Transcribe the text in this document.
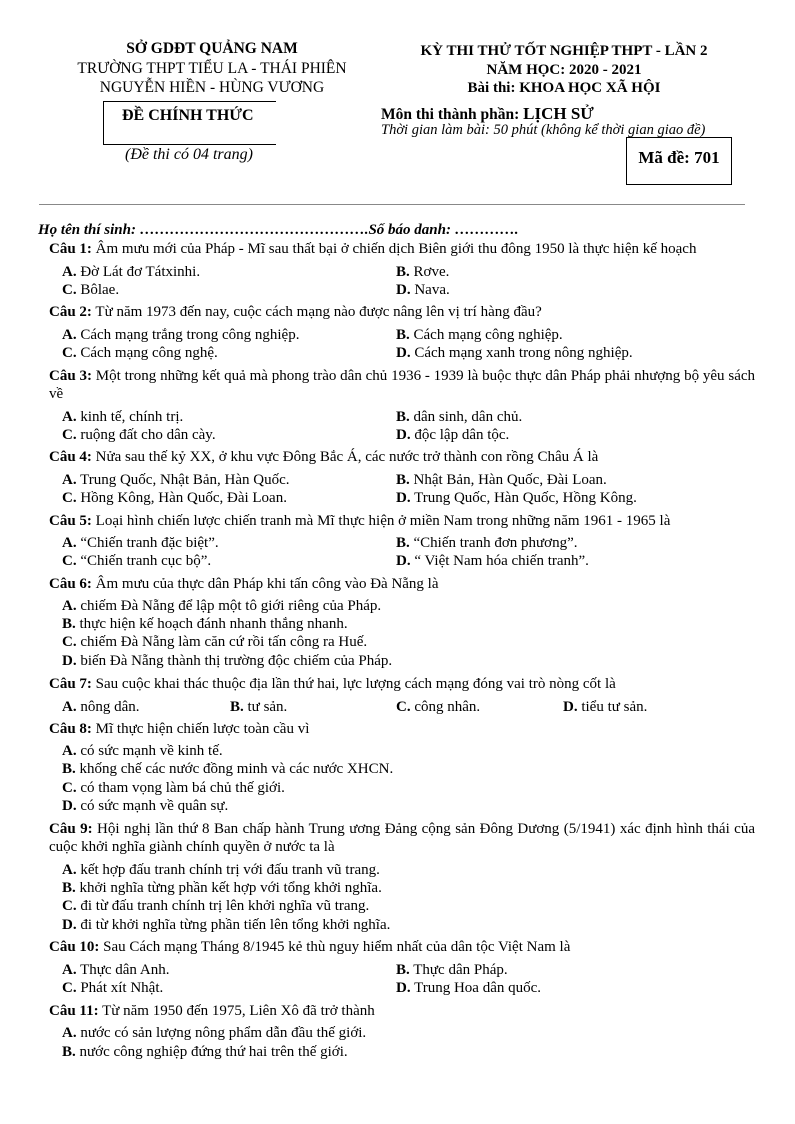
SỞ GDĐT QUẢNG NAM
TRƯỜNG THPT TIỂU LA - THÁI PHIÊN
NGUYỄN HIỀN - HÙNG VƯƠNG
ĐỀ CHÍNH THỨC
(Đề thi có 04 trang)
KỲ THI THỬ TỐT NGHIỆP THPT - LẦN 2
NĂM HỌC: 2020 - 2021
Bài thi: KHOA HỌC XÃ HỘI
Môn thi thành phần: LỊCH SỬ
Thời gian làm bài: 50 phút (không kể thời gian giao đề)
Mã đề: 701
Họ tên thí sinh: ……………………………………….Số báo danh: ………….
Câu 1: Âm mưu mới của Pháp - Mĩ sau thất bại ở chiến dịch Biên giới thu đông 1950 là thực hiện kế hoạch
A. Đờ Lát đơ Tátxinhi.	B. Rơve.
C. Bôlae.	D. Nava.
Câu 2: Từ năm 1973 đến nay, cuộc cách mạng nào được nâng lên vị trí hàng đầu?
A. Cách mạng trắng trong công nghiệp.	B. Cách mạng công nghiệp.
C. Cách mạng công nghệ.	D. Cách mạng xanh trong nông nghiệp.
Câu 3: Một trong những kết quả mà phong trào dân chủ 1936 - 1939 là buộc thực dân Pháp phải nhượng bộ yêu sách về
A. kinh tế, chính trị.	B. dân sinh, dân chủ.
C. ruộng đất cho dân cày.	D. độc lập dân tộc.
Câu 4: Nửa sau thế kỷ XX, ở khu vực Đông Bắc Á, các nước trở thành con rồng Châu Á là
A. Trung Quốc, Nhật Bản, Hàn Quốc.	B. Nhật Bản, Hàn Quốc, Đài Loan.
C. Hồng Kông, Hàn Quốc, Đài Loan.	D. Trung Quốc, Hàn Quốc, Hồng Kông.
Câu 5: Loại hình chiến lược chiến tranh mà Mĩ thực hiện ở miền Nam trong những năm 1961 - 1965 là
A. “Chiến tranh đặc biệt”.	B. “Chiến tranh đơn phương”.
C. “Chiến tranh cục bộ”.	D. “ Việt Nam hóa chiến tranh”.
Câu 6: Âm mưu của thực dân Pháp khi tấn công vào Đà Nẵng là
A. chiếm Đà Nẵng để lập một tô giới riêng của Pháp.
B. thực hiện kế hoạch đánh nhanh thắng nhanh.
C. chiếm Đà Nẵng làm căn cứ rồi tấn công ra Huế.
D. biến Đà Nẵng thành thị trường độc chiếm của Pháp.
Câu 7: Sau cuộc khai thác thuộc địa lần thứ hai, lực lượng cách mạng đóng vai trò nòng cốt là
A. nông dân.	B. tư sản.	C. công nhân.	D. tiểu tư sản.
Câu 8: Mĩ thực hiện chiến lược toàn cầu vì
A. có sức mạnh về kinh tế.
B. khống chế các nước đồng minh và các nước XHCN.
C. có tham vọng làm bá chủ thế giới.
D. có sức mạnh về quân sự.
Câu 9: Hội nghị lần thứ 8 Ban chấp hành Trung ương Đảng cộng sản Đông Dương (5/1941) xác định hình thái của cuộc khởi nghĩa giành chính quyền ở nước ta là
A. kết hợp đấu tranh chính trị với đấu tranh vũ trang.
B. khởi nghĩa từng phần kết hợp với tổng khởi nghĩa.
C. đi từ đấu tranh chính trị lên khởi nghĩa vũ trang.
D. đi từ khởi nghĩa từng phần tiến lên tổng khởi nghĩa.
Câu 10: Sau Cách mạng Tháng 8/1945 kẻ thù nguy hiểm nhất của dân tộc Việt Nam là
A. Thực dân Anh.	B. Thực dân Pháp.
C. Phát xít Nhật.	D. Trung Hoa dân quốc.
Câu 11: Từ năm 1950 đến 1975, Liên Xô đã trở thành
A. nước có sản lượng nông phẩm dẫn đầu thế giới.
B. nước công nghiệp đứng thứ hai trên thế giới.
